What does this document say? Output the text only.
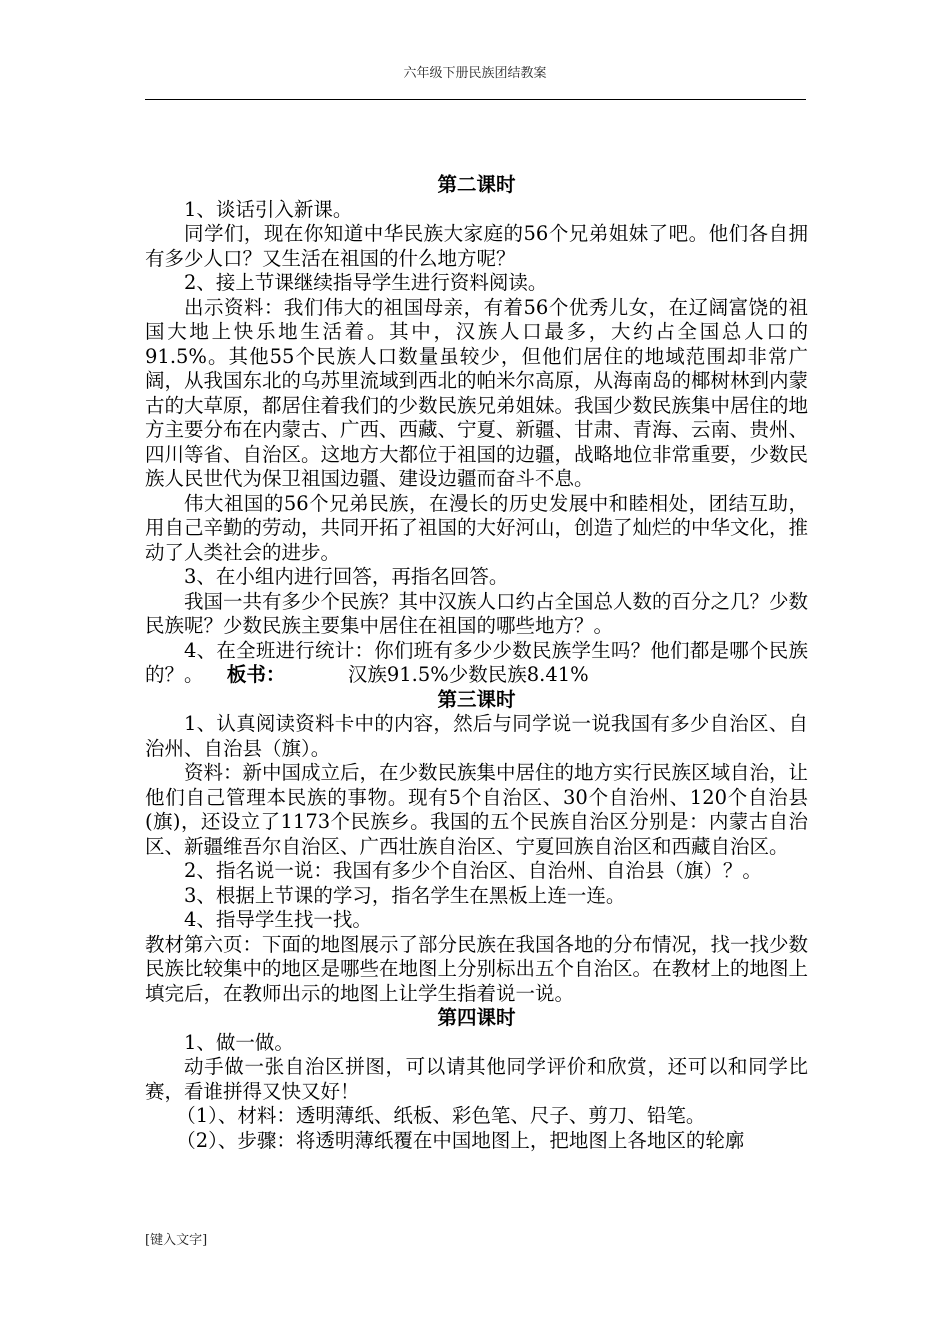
六年级下册民族团结教案

第二课时

1、谈话引入新课。

同学们，现在你知道中华民族大家庭的56个兄弟姐妹了吧。他们各自拥有多少人口？又生活在祖国的什么地方呢？

2、接上节课继续指导学生进行资料阅读。

出示资料：我们伟大的祖国母亲，有着56个优秀儿女，在辽阔富饶的祖国大地上快乐地生活着。其中，汉族人口最多，大约占全国总人口的91.5%。其他55个民族人口数量虽较少，但他们居住的地域范围却非常广阔，从我国东北的乌苏里流域到西北的帕米尔高原，从海南岛的椰树林到内蒙古的大草原，都居住着我们的少数民族兄弟姐妹。我国少数民族集中居住的地方主要分布在内蒙古、广西、西藏、宁夏、新疆、甘肃、青海、云南、贵州、四川等省、自治区。这地方大都位于祖国的边疆，战略地位非常重要，少数民族人民世代为保卫祖国边疆、建设边疆而奋斗不息。

伟大祖国的56个兄弟民族，在漫长的历史发展中和睦相处，团结互助，用自己辛勤的劳动，共同开拓了祖国的大好河山，创造了灿烂的中华文化，推动了人类社会的进步。

3、在小组内进行回答，再指名回答。

我国一共有多少个民族？其中汉族人口约占全国总人数的百分之几？少数民族呢？少数民族主要集中居住在祖国的哪些地方？。

4、在全班进行统计：你们班有多少少数民族学生吗？他们都是哪个民族的？。 板书：	汉族91.5%少数民族8.41%

第三课时

1、认真阅读资料卡中的内容，然后与同学说一说我国有多少自治区、自治州、自治县（旗）。

资料：新中国成立后，在少数民族集中居住的地方实行民族区域自治，让他们自己管理本民族的事物。现有5个自治区、30个自治州、120个自治县(旗)，还设立了1173个民族乡。我国的五个民族自治区分别是：内蒙古自治区、新疆维吾尔自治区、广西壮族自治区、宁夏回族自治区和西藏自治区。

2、指名说一说：我国有多少个自治区、自治州、自治县（旗）？。

3、根据上节课的学习，指名学生在黑板上连一连。

4、指导学生找一找。

教材第六页：下面的地图展示了部分民族在我国各地的分布情况，找一找少数民族比较集中的地区是哪些在地图上分别标出五个自治区。在教材上的地图上填完后，在教师出示的地图上让学生指着说一说。

第四课时

1、做一做。

动手做一张自治区拼图，可以请其他同学评价和欣赏，还可以和同学比赛，看谁拼得又快又好！

（1）、材料：透明薄纸、纸板、彩色笔、尺子、剪刀、铅笔。

（2）、步骤：将透明薄纸覆在中国地图上，把地图上各地区的轮廓

[键入文字]
